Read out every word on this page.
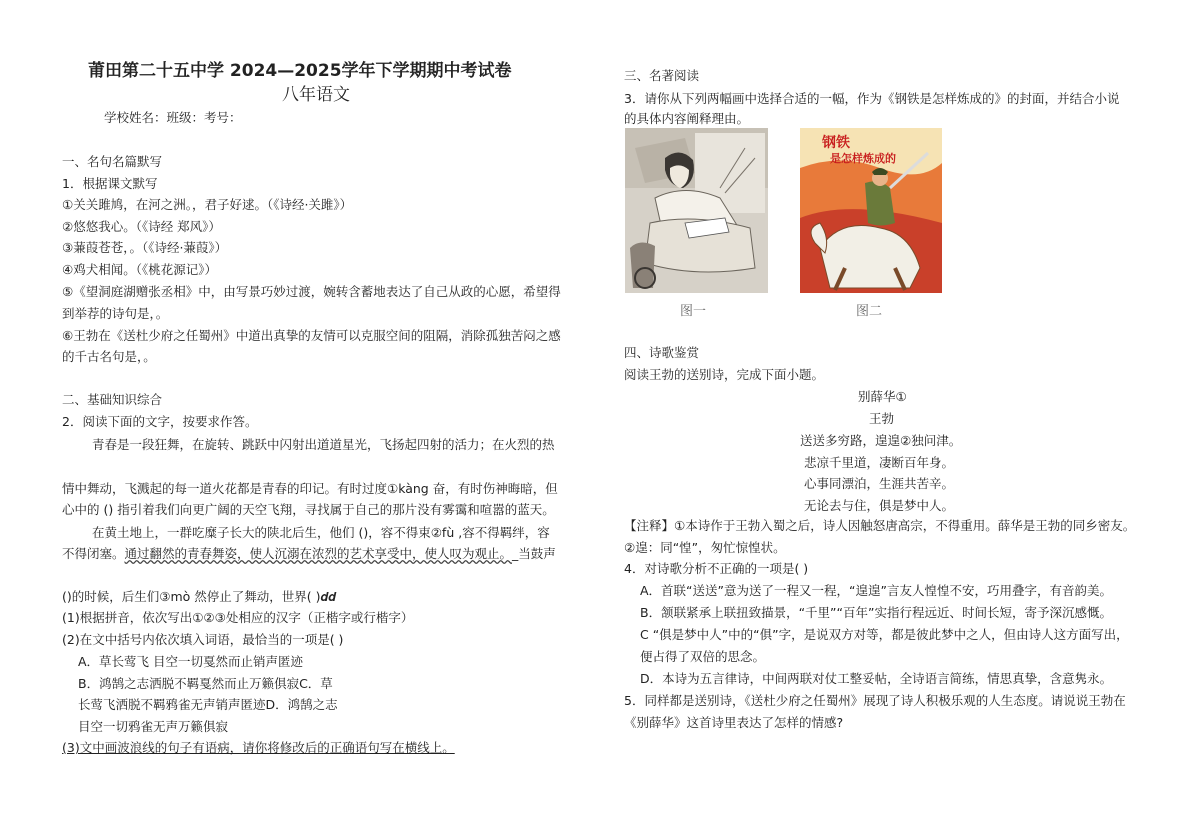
莆田第二十五中学 2024—2025学年下学期期中考试卷
八年语文
学校姓名：班级：考号：
一、名句名篇默写
1．根据课文默写
①关关雎鸠，在河之洲。，君子好逑。（《诗经·关雎》）
②悠悠我心。（《诗经 郑风》）
③蒹葭苍苍，。（《诗经·蒹葭》）
④鸡犬相闻。（《桃花源记》）
⑤《望洞庭湖赠张丞相》中，由写景巧妙过渡，婉转含蓄地表达了自己从政的心愿，希望得
到举荐的诗句是，。
⑥王勃在《送杜少府之任蜀州》中道出真挚的友情可以克服空间的阻隔，消除孤独苦闷之感
的千古名句是，。
二、基础知识综合
2．阅读下面的文字，按要求作答。
青春是一段狂舞，在旋转、跳跃中闪射出道道星光，飞扬起四射的活力；在火烈的热
情中舞动，飞溅起的每一道火花都是青春的印记。有时过度①kàng 奋，有时伤神晦暗，但
心中的 () 指引着我们向更广阔的天空飞翔，寻找属于自己的那片没有雾霭和喧嚣的蓝天。
在黄土地上，一群吃糜子长大的陕北后生，他们 ()，容不得束②fù ,容不得羁绊，容
不得闭塞。通过翻然的青春舞姿，使人沉溺在浓烈的艺术享受中，使人叹为观止。_当鼓声
()的时候，后生们③mò 然停止了舞动，世界( )𝒅𝒅
(1)根据拼音，依次写出①②③处相应的汉字（正楷字或行楷字）
(2)在文中括号内依次填入词语，最恰当的一项是( )
A．草长莺飞 目空一切戛然而止销声匿迹
B．鸿鹄之志洒脱不羁戛然而止万籁俱寂C．草
长莺飞洒脱不羁鸦雀无声销声匿迹D．鸿鹄之志
目空一切鸦雀无声万籁俱寂
(3)文中画波浪线的句子有语病，请你将修改后的正确语句写在横线上。
三、名著阅读
3．请你从下列两幅画中选择合适的一幅，作为《钢铁是怎样炼成的》的封面，并结合小说
的具体内容阐释理由。
图一
钢铁
是怎样炼成的
图二
四、诗歌鉴赏
阅读王勃的送别诗，完成下面小题。
别薛华①
王勃
送送多穷路，遑遑②独问津。
悲凉千里道，凄断百年身。
心事同漂泊，生涯共苦辛。
无论去与住，俱是梦中人。
【注释】①本诗作于王勃入蜀之后，诗人因触怒唐高宗，不得重用。薛华是王勃的同乡密友。
②遑：同“惶”，匆忙惊惶状。
4．对诗歌分析不正确的一项是( )
A．首联“送送”意为送了一程又一程，“遑遑”言友人惶惶不安，巧用叠字，有音韵美。
B．颔联紧承上联扭致描景，“千里”“百年”实指行程远近、时间长短，寄予深沉感慨。
C “俱是梦中人”中的“俱”字，是说双方对等，都是彼此梦中之人，但由诗人这方面写出，
便占得了双倍的思念。
D．本诗为五言律诗，中间两联对仗工整妥帖，全诗语言简练，情思真挚，含意隽永。
5．同样都是送别诗，《送杜少府之任蜀州》展现了诗人积极乐观的人生态度。请说说王勃在
《别薛华》这首诗里表达了怎样的情感?
